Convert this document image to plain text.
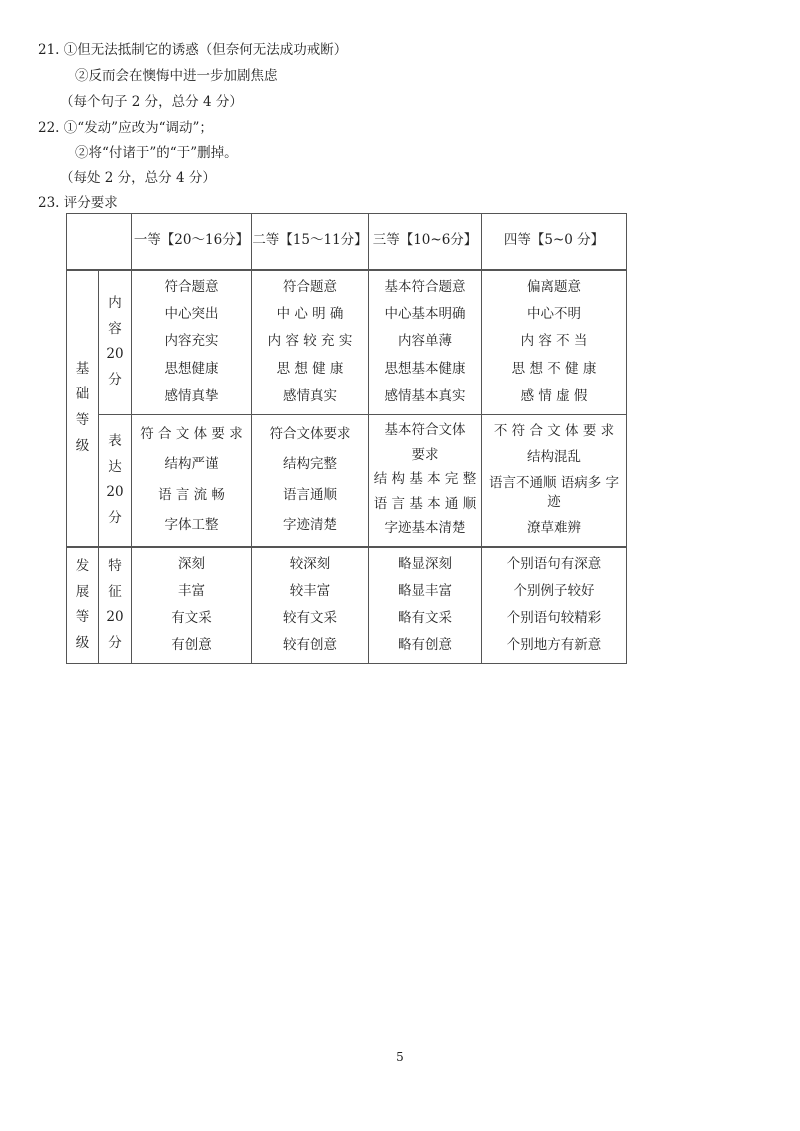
21. ①但无法抵制它的诱惑（但奈何无法成功戒断）
②反而会在懊悔中进一步加剧焦虑
（每个句子 2 分，总分 4 分）
22. ①“发动”应改为“调动”；
②将“付诸于”的“于”删掉。
（每处 2 分，总分 4 分）
23. 评分要求
		一等【20～16分】	二等【15～11分】	三等【10~6分】	四等【5~0 分】

基
础
等
级	内
容
20
分	符合题意
中心突出
内容充实
思想健康
感情真挚	符合题意
中 心 明 确
内 容 较 充 实
思 想 健 康
感情真实	基本符合题意
中心基本明确
内容单薄
思想基本健康
感情基本真实	偏离题意
中心不明
内 容 不 当
思 想 不 健 康
感 情 虚 假

	表
达
20
分	符 合 文 体 要 求
结构严谨
语 言 流 畅
字体工整	符合文体要求
结构完整
语言通顺
字迹清楚	基本符合文体
要求
结 构 基 本 完 整
语 言 基 本 通 顺
字迹基本清楚	不 符 合 文 体 要 求
结构混乱
语言不通顺 语病多 字迹
潦草难辨

发
展
等
级	特
征
20
分	深刻
丰富
有文采
有创意	较深刻
较丰富
较有文采
较有创意	略显深刻
略显丰富
略有文采
略有创意	个别语句有深意
个别例子较好
个别语句较精彩
个别地方有新意
5
